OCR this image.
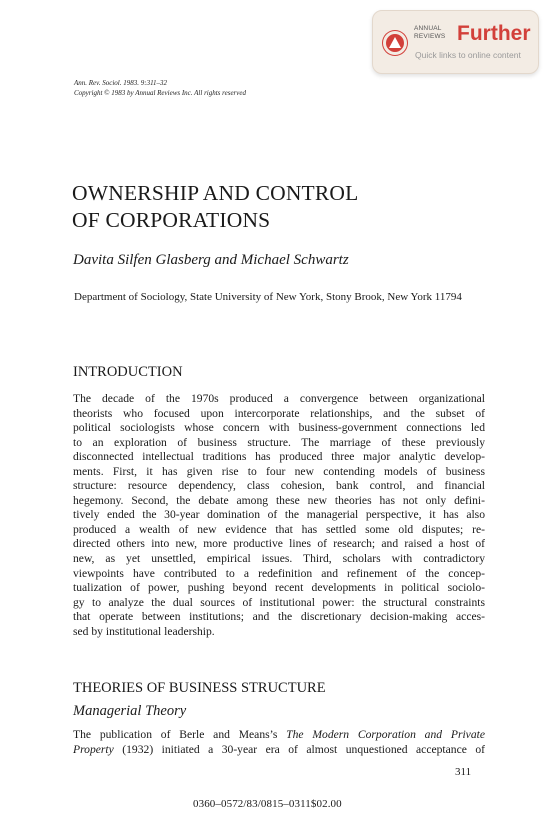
ANNUAL
REVIEWS Further
Quick links to online content
Ann. Rev. Sociol. 1983. 9:311–32
Copyright © 1983 by Annual Reviews Inc. All rights reserved
OWNERSHIP AND CONTROL
OF CORPORATIONS
Davita Silfen Glasberg and Michael Schwartz
Department of Sociology, State University of New York, Stony Brook, New York 11794
INTRODUCTION
The decade of the 1970s produced a convergence between organizational
theorists who focused upon intercorporate relationships, and the subset of
political sociologists whose concern with business-government connections led
to an exploration of business structure. The marriage of these previously
disconnected intellectual traditions has produced three major analytic develop-
ments. First, it has given rise to four new contending models of business
structure: resource dependency, class cohesion, bank control, and financial
hegemony. Second, the debate among these new theories has not only defini-
tively ended the 30-year domination of the managerial perspective, it has also
produced a wealth of new evidence that has settled some old disputes; re-
directed others into new, more productive lines of research; and raised a host of
new, as yet unsettled, empirical issues. Third, scholars with contradictory
viewpoints have contributed to a redefinition and refinement of the concep-
tualization of power, pushing beyond recent developments in political sociolo-
gy to analyze the dual sources of institutional power: the structural constraints
that operate between institutions; and the discretionary decision-making acces-
sed by institutional leadership.
THEORIES OF BUSINESS STRUCTURE
Managerial Theory
The publication of Berle and Means’s The Modern Corporation and Private
Property (1932) initiated a 30-year era of almost unquestioned acceptance of
311
0360–0572/83/0815–0311$02.00
